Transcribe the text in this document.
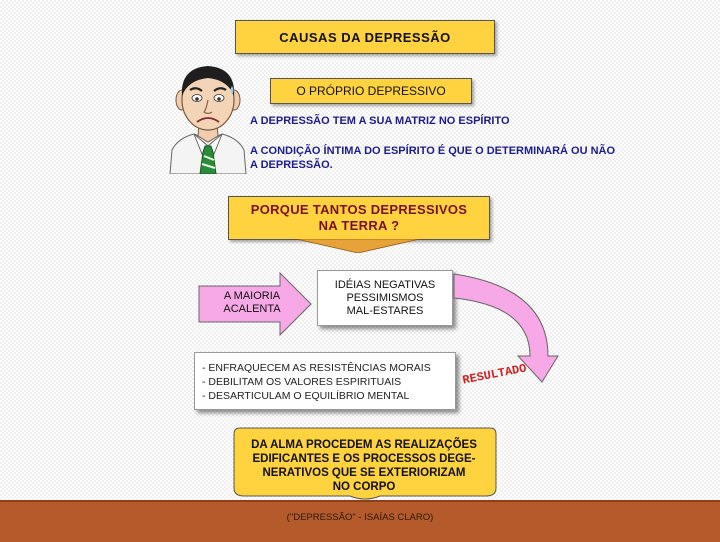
CAUSAS DA DEPRESSÃO
O PRÓPRIO DEPRESSIVO
A DEPRESSÃO TEM A SUA MATRIZ NO ESPÍRITO
A CONDIÇÃO ÍNTIMA DO ESPÍRITO É QUE O DETERMINARÁ OU NÃO A DEPRESSÃO.
PORQUE TANTOS DEPRESSIVOS
NA TERRA ?
A MAIORIA
ACALENTA
IDÉIAS NEGATIVAS
PESSIMISMOS
MAL-ESTARES
RESULTADO
- ENFRAQUECEM AS RESISTÊNCIAS MORAIS
- DEBILITAM OS VALORES ESPIRITUAIS
- DESARTICULAM O EQUILÍBRIO MENTAL
DA ALMA PROCEDEM AS REALIZAÇÕES
EDIFICANTES E OS PROCESSOS DEGE-
NERATIVOS QUE SE EXTERIORIZAM
NO CORPO
("DEPRESSÃO" - ISAÍAS CLARO)
